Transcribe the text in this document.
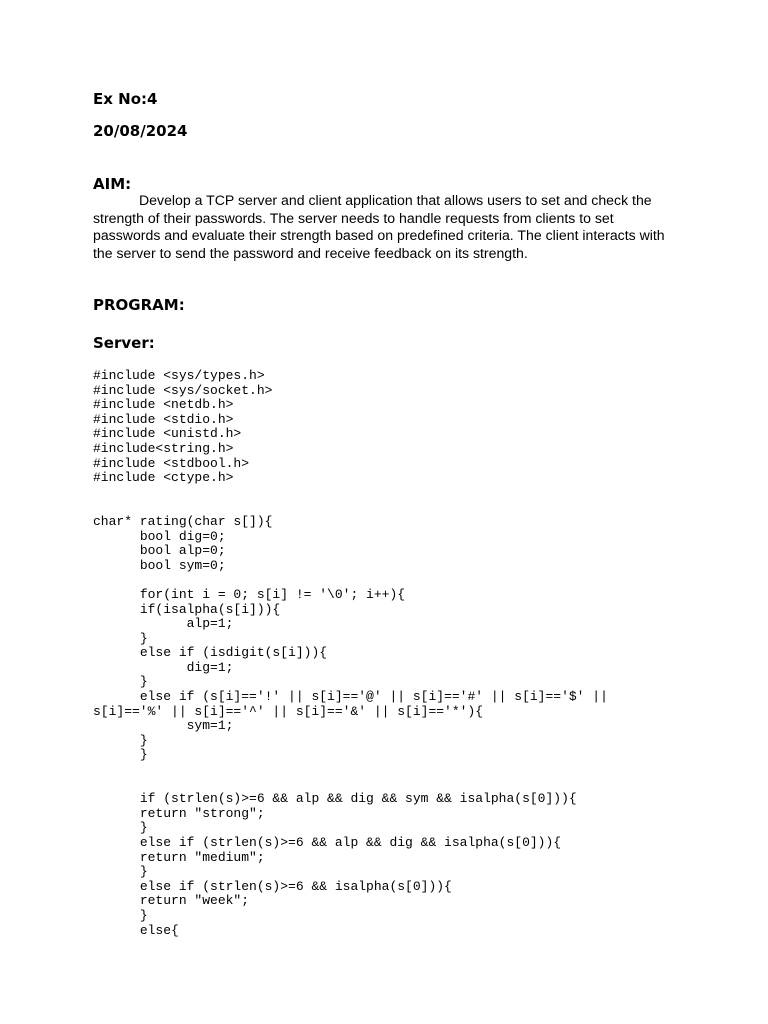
Ex No:4

20/08/2024

AIM:

Develop a TCP server and client application that allows users to set and check the strength of their passwords. The server needs to handle requests from clients to set passwords and evaluate their strength based on predefined criteria. The client interacts with the server to send the password and receive feedback on its strength.

PROGRAM:

Server:

#include <sys/types.h>
#include <sys/socket.h>
#include <netdb.h>
#include <stdio.h>
#include <unistd.h>
#include<string.h>
#include <stdbool.h>
#include <ctype.h>

char* rating(char s[]){
	bool dig=0;
	bool alp=0;
	bool sym=0;

	for(int i = 0; s[i] != '\0'; i++){
	if(isalpha(s[i])){
		alp=1;
	}
	else if (isdigit(s[i])){
		dig=1;
	}
	else if (s[i]=='!' || s[i]=='@' || s[i]=='#' || s[i]=='$' ||
s[i]=='%' || s[i]=='^' || s[i]=='&' || s[i]=='*'){
		sym=1;
	}
	}

	if (strlen(s)>=6 && alp && dig && sym && isalpha(s[0])){
	return "strong";
	}
	else if (strlen(s)>=6 && alp && dig && isalpha(s[0])){
	return "medium";
	}
	else if (strlen(s)>=6 && isalpha(s[0])){
	return "week";
	}
	else{
